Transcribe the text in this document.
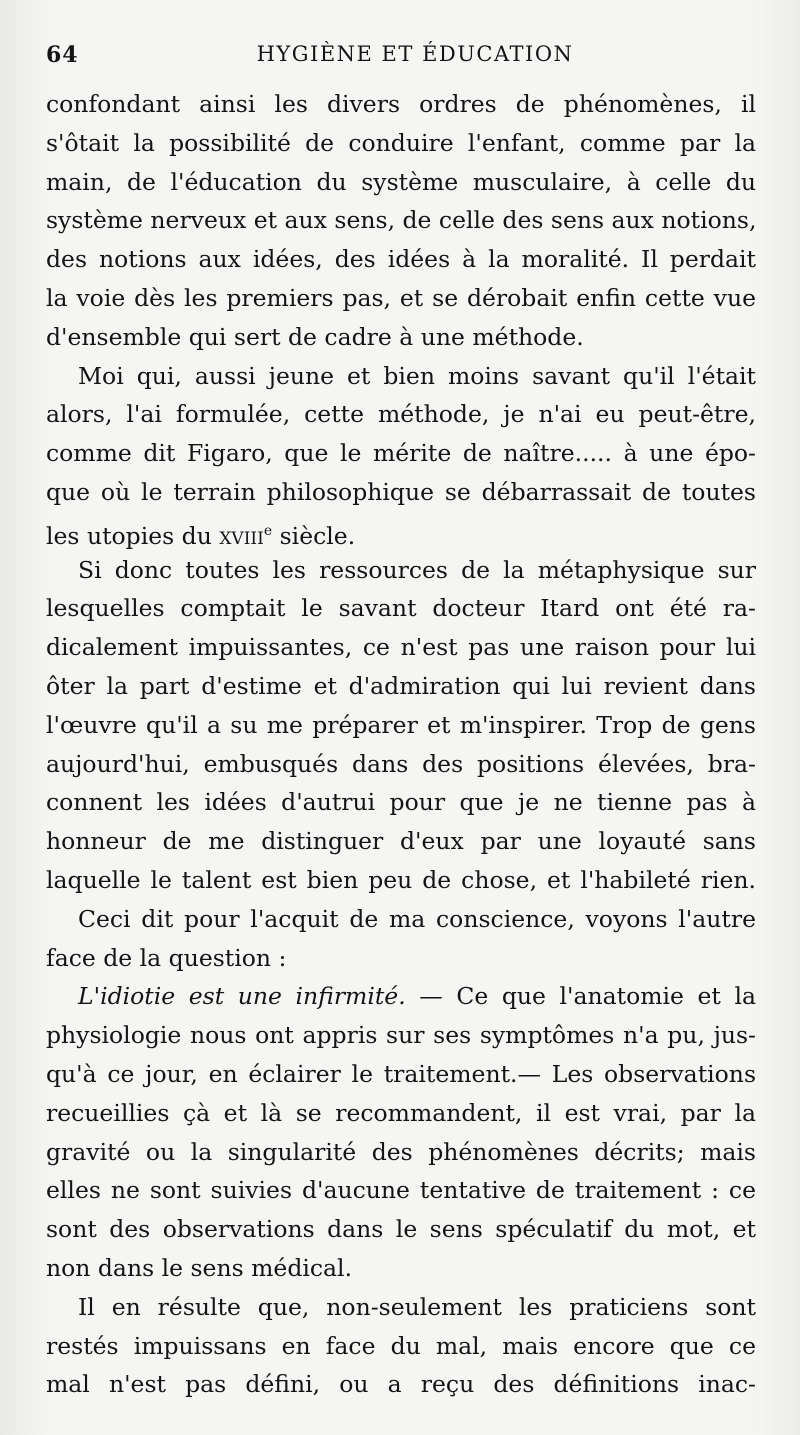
64	HYGIÈNE ET ÉDUCATION
confondant ainsi les divers ordres de phénomènes, il
s'ôtait la possibilité de conduire l'enfant, comme par la
main, de l'éducation du système musculaire, à celle du
système nerveux et aux sens, de celle des sens aux notions,
des notions aux idées, des idées à la moralité. Il perdait
la voie dès les premiers pas, et se dérobait enfin cette vue
d'ensemble qui sert de cadre à une méthode.
Moi qui, aussi jeune et bien moins savant qu'il l'était
alors, l'ai formulée, cette méthode, je n'ai eu peut-être,
comme dit Figaro, que le mérite de naître..... à une épo-
que où le terrain philosophique se débarrassait de toutes
les utopies du XVIIIe siècle.
Si donc toutes les ressources de la métaphysique sur
lesquelles comptait le savant docteur Itard ont été ra-
dicalement impuissantes, ce n'est pas une raison pour lui
ôter la part d'estime et d'admiration qui lui revient dans
l'œuvre qu'il a su me préparer et m'inspirer. Trop de gens
aujourd'hui, embusqués dans des positions élevées, bra-
connent les idées d'autrui pour que je ne tienne pas à
honneur de me distinguer d'eux par une loyauté sans
laquelle le talent est bien peu de chose, et l'habileté rien.
Ceci dit pour l'acquit de ma conscience, voyons l'autre
face de la question :
L'idiotie est une infirmité. — Ce que l'anatomie et la
physiologie nous ont appris sur ses symptômes n'a pu, jus-
qu'à ce jour, en éclairer le traitement.— Les observations
recueillies çà et là se recommandent, il est vrai, par la
gravité ou la singularité des phénomènes décrits; mais
elles ne sont suivies d'aucune tentative de traitement : ce
sont des observations dans le sens spéculatif du mot, et
non dans le sens médical.
Il en résulte que, non-seulement les praticiens sont
restés impuissans en face du mal, mais encore que ce
mal n'est pas défini, ou a reçu des définitions inac-
